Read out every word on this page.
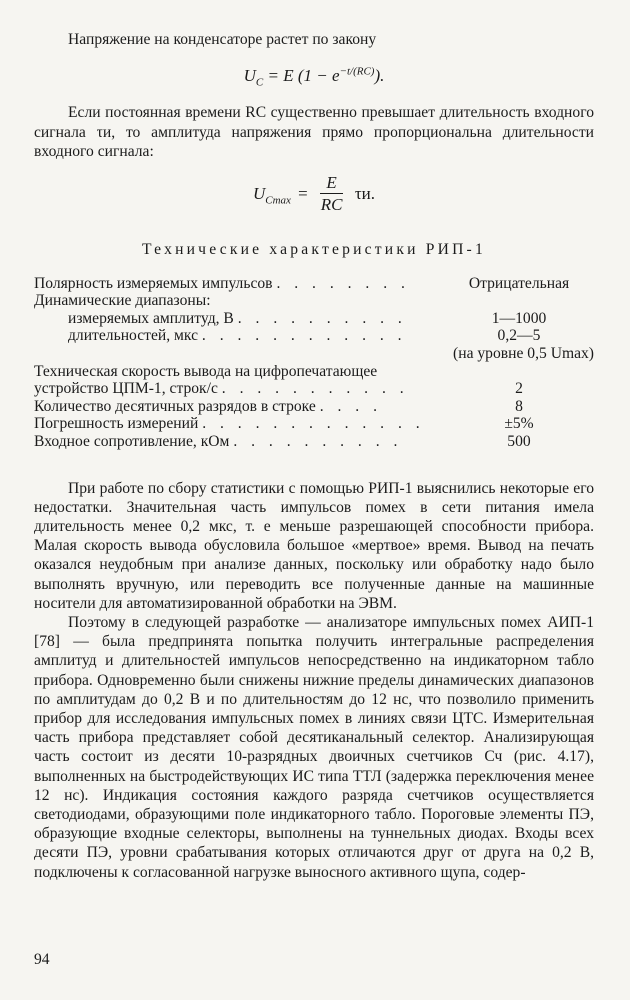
Напряжение на конденсаторе растет по закону

$U_C = E$ $(1 - e^{-t/(RC)})$.

Если постоянная времени RC существенно превышает длительность входного сигнала τи, то амплитуда напряжения прямо пропорциональна длительности входного сигнала:

$U_{Cmax} = \frac{E}{RC} \tau и$.
Технические характеристики РИП-1
Полярность измеряемых импульсов . . . . . . . .	Отрицательная
Динамические диапазоны:
измеряемых амплитуд, В . . . . . . . . . .	1—1000
длительностей, мкс . . . . . . . . . . . .	0,2—5
(на уровне 0,5 Umax)
Техническая скорость вывода на цифропечатающее
устройство ЦПМ-1, строк/с . . . . . . . . . . .	2
Количество десятичных разрядов в строке . . . .	8
Погрешность измерений . . . . . . . . . . . . .	±5%
Входное сопротивление, кОм . . . . . . . . . .	500

При работе по сбору статистики с помощью РИП-1 выяснились некоторые его недостатки. Значительная часть импульсов помех в сети питания имела длительность менее 0,2 мкс, т. е меньше разрешающей способности прибора. Малая скорость вывода обусловила большое «мертвое» время. Вывод на печать оказался неудобным при анализе данных, поскольку или обработку надо было выполнять вручную, или переводить все полученные данные на машинные носители для автоматизированной обработки на ЭВМ.

Поэтому в следующей разработке — анализаторе импульсных помех АИП-1 [78] — была предпринята попытка получить интегральные распределения амплитуд и длительностей импульсов непосредственно на индикаторном табло прибора. Одновременно были снижены нижние пределы динамических диапазонов по амплитудам до 0,2 В и по длительностям до 12 нс, что позволило применить прибор для исследования импульсных помех в линиях связи ЦТС. Измерительная часть прибора представляет собой десятиканальный селектор. Анализирующая часть состоит из десяти 10-разрядных двоичных счетчиков Сч (рис. 4.17), выполненных на быстродействующих ИС типа ТТЛ (задержка переключения менее 12 нс). Индикация состояния каждого разряда счетчиков осуществляется светодиодами, образующими поле индикаторного табло. Пороговые элементы ПЭ, образующие входные селекторы, выполнены на туннельных диодах. Входы всех десяти ПЭ, уровни срабатывания которых отличаются друг от друга на 0,2 В, подключены к согласованной нагрузке выносного активного щупа, содер-

94
